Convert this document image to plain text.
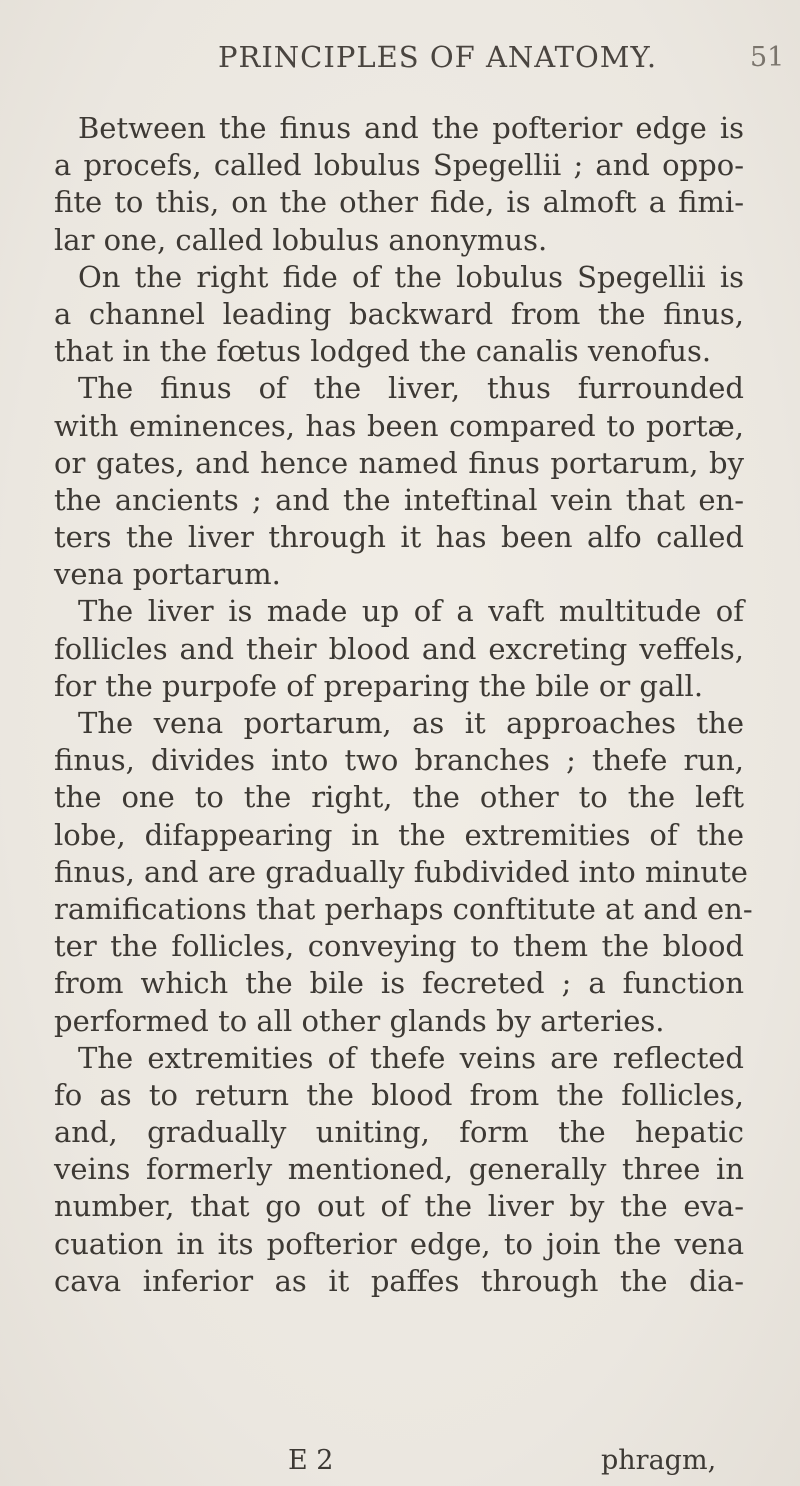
PRINCIPLES OF ANATOMY.	51
Between the finus and the pofterior edge is
a procefs, called lobulus Spegellii ; and oppo-
fite to this, on the other fide, is almoft a fimi-
lar one, called lobulus anonymus.
On the right fide of the lobulus Spegellii is
a channel leading backward from the finus,
that in the fœtus lodged the canalis venofus.
The finus of the liver, thus furrounded
with eminences, has been compared to portæ,
or gates, and hence named finus portarum, by
the ancients ; and the inteftinal vein that en-
ters the liver through it has been alfo called
vena portarum.
The liver is made up of a vaft multitude of
follicles and their blood and excreting veffels,
for the purpofe of preparing the bile or gall.
The vena portarum, as it approaches the
finus, divides into two branches ; thefe run,
the one to the right, the other to the left
lobe, difappearing in the extremities of the
finus, and are gradually fubdivided into minute
ramifications that perhaps conftitute at and en-
ter the follicles, conveying to them the blood
from which the bile is fecreted ; a function
performed to all other glands by arteries.
The extremities of thefe veins are reflected
fo as to return the blood from the follicles,
and, gradually uniting, form the hepatic
veins formerly mentioned, generally three in
number, that go out of the liver by the eva-
cuation in its pofterior edge, to join the vena
cava inferior as it paffes through the dia-
E 2	phragm,
